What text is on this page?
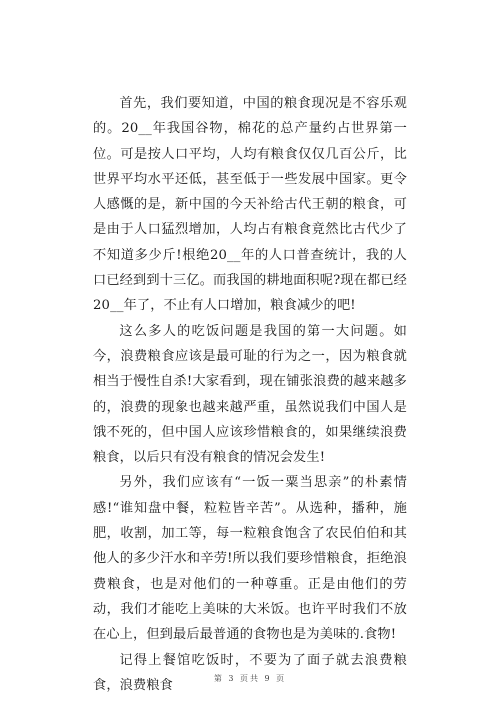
首先，我们要知道，中国的粮食现况是不容乐观的。20__年我国谷物，棉花的总产量约占世界第一位。可是按人口平均，人均有粮食仅仅几百公斤，比世界平均水平还低，甚至低于一些发展中国家。更令人感慨的是，新中国的今天补给古代王朝的粮食，可是由于人口猛烈增加，人均占有粮食竟然比古代少了不知道多少斤!根绝20__年的人口普查统计，我的人口已经到到十三亿。而我国的耕地面积呢?现在都已经20__年了，不止有人口增加，粮食减少的吧!

这么多人的吃饭问题是我国的第一大问题。如今，浪费粮食应该是最可耻的行为之一，因为粮食就相当于慢性自杀!大家看到，现在铺张浪费的越来越多的，浪费的现象也越来越严重，虽然说我们中国人是饿不死的，但中国人应该珍惜粮食的，如果继续浪费粮食，以后只有没有粮食的情况会发生!

另外，我们应该有“一饭一粟当思亲”的朴素情感!“谁知盘中餐，粒粒皆辛苦”。从选种，播种，施肥，收割，加工等，每一粒粮食饱含了农民伯伯和其他人的多少汗水和辛劳!所以我们要珍惜粮食，拒绝浪费粮食，也是对他们的一种尊重。正是由他们的劳动，我们才能吃上美味的大米饭。也许平时我们不放在心上，但到最后最普通的食物也是为美味的.食物!

记得上餐馆吃饭时，不要为了面子就去浪费粮食，浪费粮食	第 3 页共 9 页
